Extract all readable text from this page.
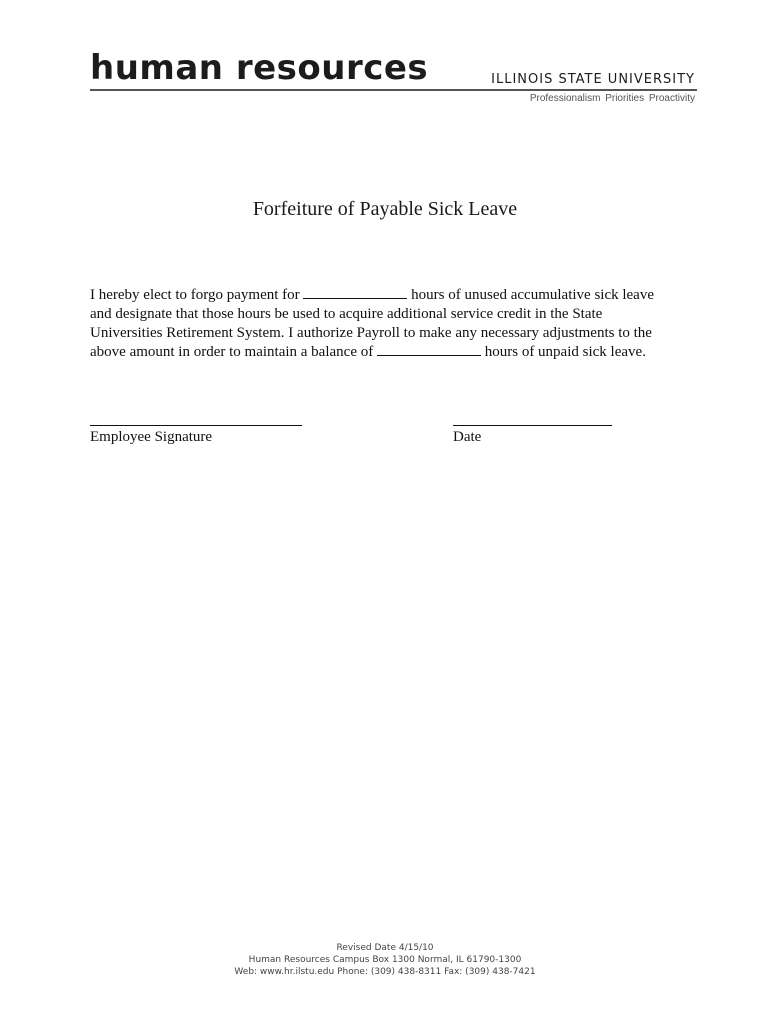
human resources	ILLINOIS STATE UNIVERSITY
Professionalism Priorities Proactivity
Forfeiture of Payable Sick Leave
I hereby elect to forgo payment for	hours of unused accumulative sick leave and designate that those hours be used to acquire additional service credit in the State Universities Retirement System. I authorize Payroll to make any necessary adjustments to the above amount in order to maintain a balance of	hours of unpaid sick leave.
Employee Signature	Date
Revised Date 4/15/10
Human Resources Campus Box 1300 Normal, IL 61790-1300
Web: www.hr.ilstu.edu Phone: (309) 438-8311 Fax: (309) 438-7421
